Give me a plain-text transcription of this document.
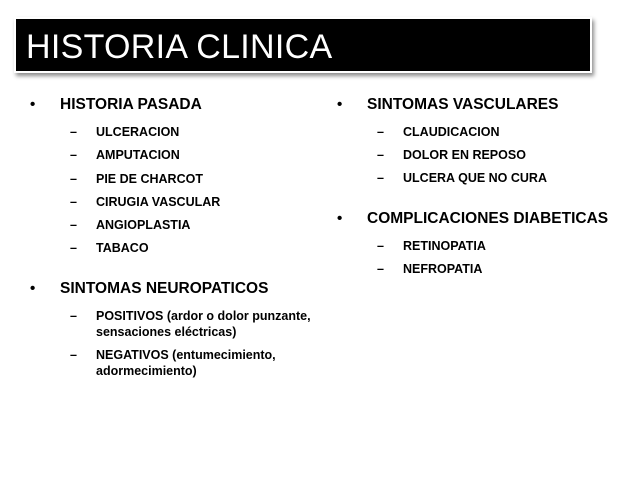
HISTORIA CLINICA
• HISTORIA PASADA
– ULCERACION
– AMPUTACION
– PIE DE CHARCOT
– CIRUGIA VASCULAR
– ANGIOPLASTIA
– TABACO
• SINTOMAS NEUROPATICOS
– POSITIVOS (ardor o dolor punzante,
sensaciones eléctricas)
– NEGATIVOS (entumecimiento,
adormecimiento)
• SINTOMAS VASCULARES
– CLAUDICACION
– DOLOR EN REPOSO
– ULCERA QUE NO CURA
• COMPLICACIONES DIABETICAS
– RETINOPATIA
– NEFROPATIA
